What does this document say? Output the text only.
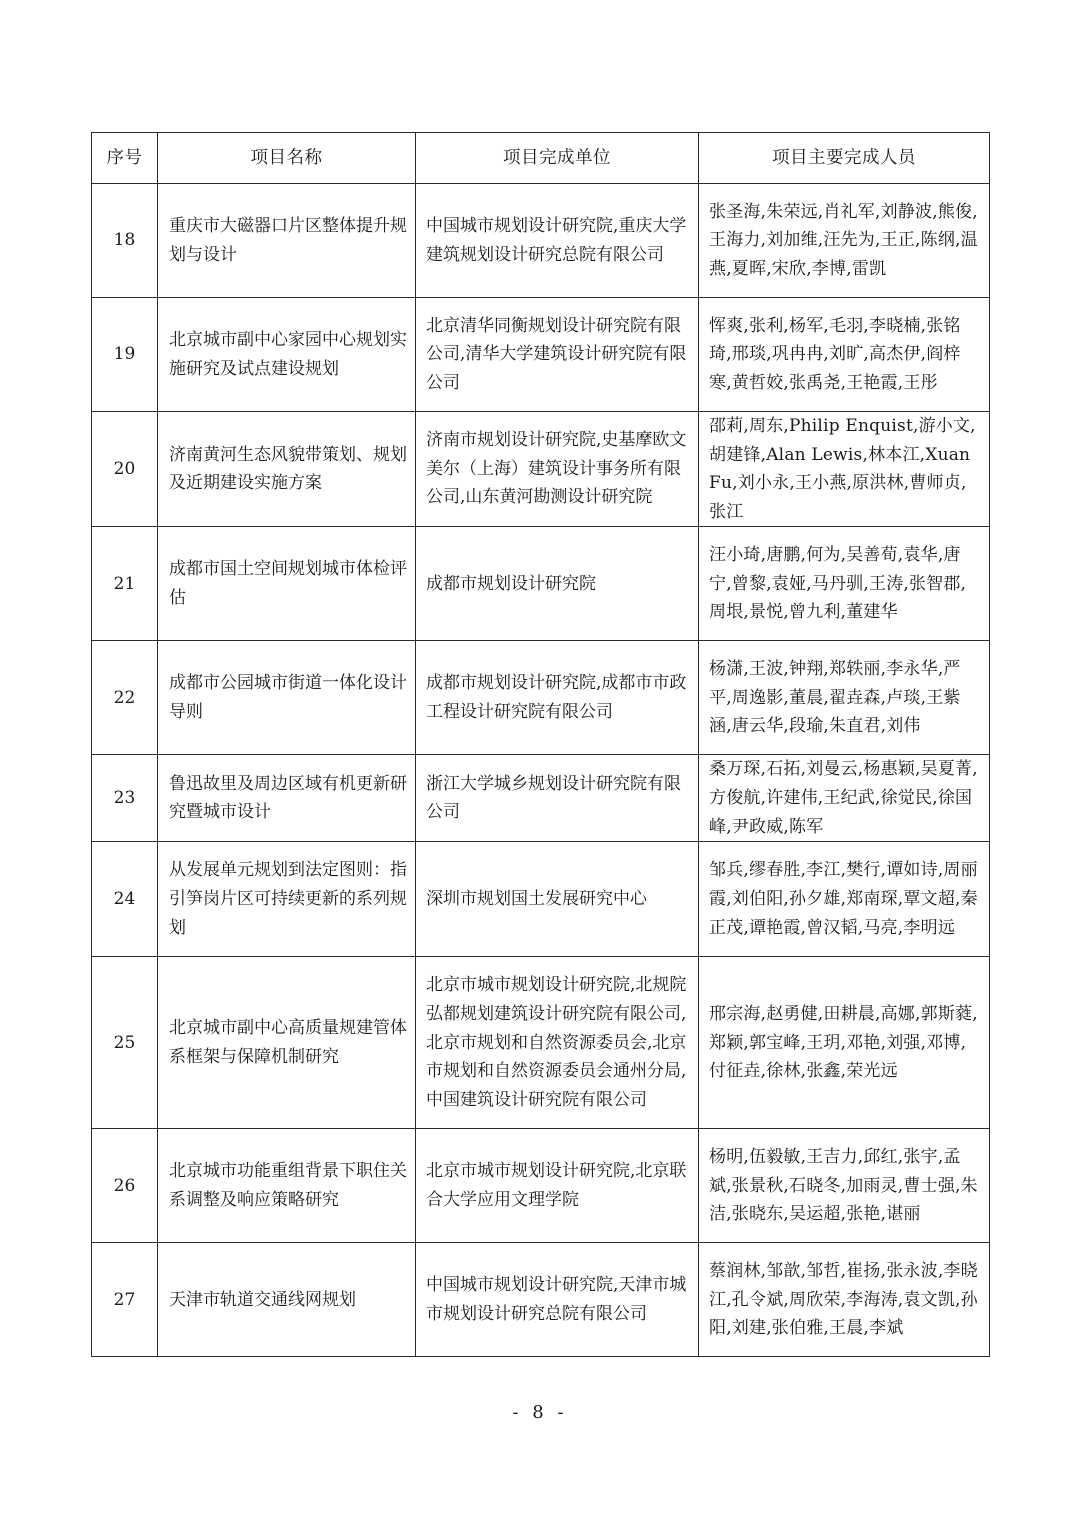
序号	项目名称	项目完成单位	项目主要完成人员
18	重庆市大磁器口片区整体提升规划与设计	中国城市规划设计研究院,重庆大学建筑规划设计研究总院有限公司	张圣海,朱荣远,肖礼军,刘静波,熊俊,王海力,刘加维,汪先为,王正,陈纲,温燕,夏晖,宋欣,李博,雷凯
19	北京城市副中心家园中心规划实施研究及试点建设规划	北京清华同衡规划设计研究院有限公司,清华大学建筑设计研究院有限公司	恽爽,张利,杨军,毛羽,李晓楠,张铭琦,邢琰,巩冉冉,刘旷,高杰伊,阎梓寒,黄哲姣,张禹尧,王艳霞,王彤
20	济南黄河生态风貌带策划、规划及近期建设实施方案	济南市规划设计研究院,史基摩欧文美尔（上海）建筑设计事务所有限公司,山东黄河勘测设计研究院	邵莉,周东,Philip Enquist,游小文,胡建锋,Alan Lewis,林本江,Xuan Fu,刘小永,王小燕,原洪林,曹师贞,张江
21	成都市国土空间规划城市体检评估	成都市规划设计研究院	汪小琦,唐鹏,何为,吴善荀,袁华,唐宁,曾黎,袁娅,马丹驯,王涛,张智郡,周垠,景悦,曾九利,董建华
22	成都市公园城市街道一体化设计导则	成都市规划设计研究院,成都市市政工程设计研究院有限公司	杨潇,王波,钟翔,郑轶丽,李永华,严平,周逸影,董晨,翟垚森,卢琰,王紫涵,唐云华,段瑜,朱直君,刘伟
23	鲁迅故里及周边区域有机更新研究暨城市设计	浙江大学城乡规划设计研究院有限公司	桑万琛,石拓,刘曼云,杨惠颖,吴夏菁,方俊航,许建伟,王纪武,徐觉民,徐国峰,尹政威,陈军
24	从发展单元规划到法定图则：指引笋岗片区可持续更新的系列规划	深圳市规划国土发展研究中心	邹兵,缪春胜,李江,樊行,谭如诗,周丽霞,刘伯阳,孙夕雄,郑南琛,覃文超,秦正茂,谭艳霞,曾汉韬,马亮,李明远
25	北京城市副中心高质量规建管体系框架与保障机制研究	北京市城市规划设计研究院,北规院弘都规划建筑设计研究院有限公司,北京市规划和自然资源委员会,北京市规划和自然资源委员会通州分局,中国建筑设计研究院有限公司	邢宗海,赵勇健,田耕晨,高娜,郭斯蕤,郑颖,郭宝峰,王玥,邓艳,刘强,邓博,付征垚,徐林,张鑫,荣光远
26	北京城市功能重组背景下职住关系调整及响应策略研究	北京市城市规划设计研究院,北京联合大学应用文理学院	杨明,伍毅敏,王吉力,邱红,张宇,孟斌,张景秋,石晓冬,加雨灵,曹士强,朱洁,张晓东,吴运超,张艳,谌丽
27	天津市轨道交通线网规划	中国城市规划设计研究院,天津市城市规划设计研究总院有限公司	蔡润林,邹歆,邹哲,崔扬,张永波,李晓江,孔令斌,周欣荣,李海涛,袁文凯,孙阳,刘建,张伯雅,王晨,李斌
- 8 -
